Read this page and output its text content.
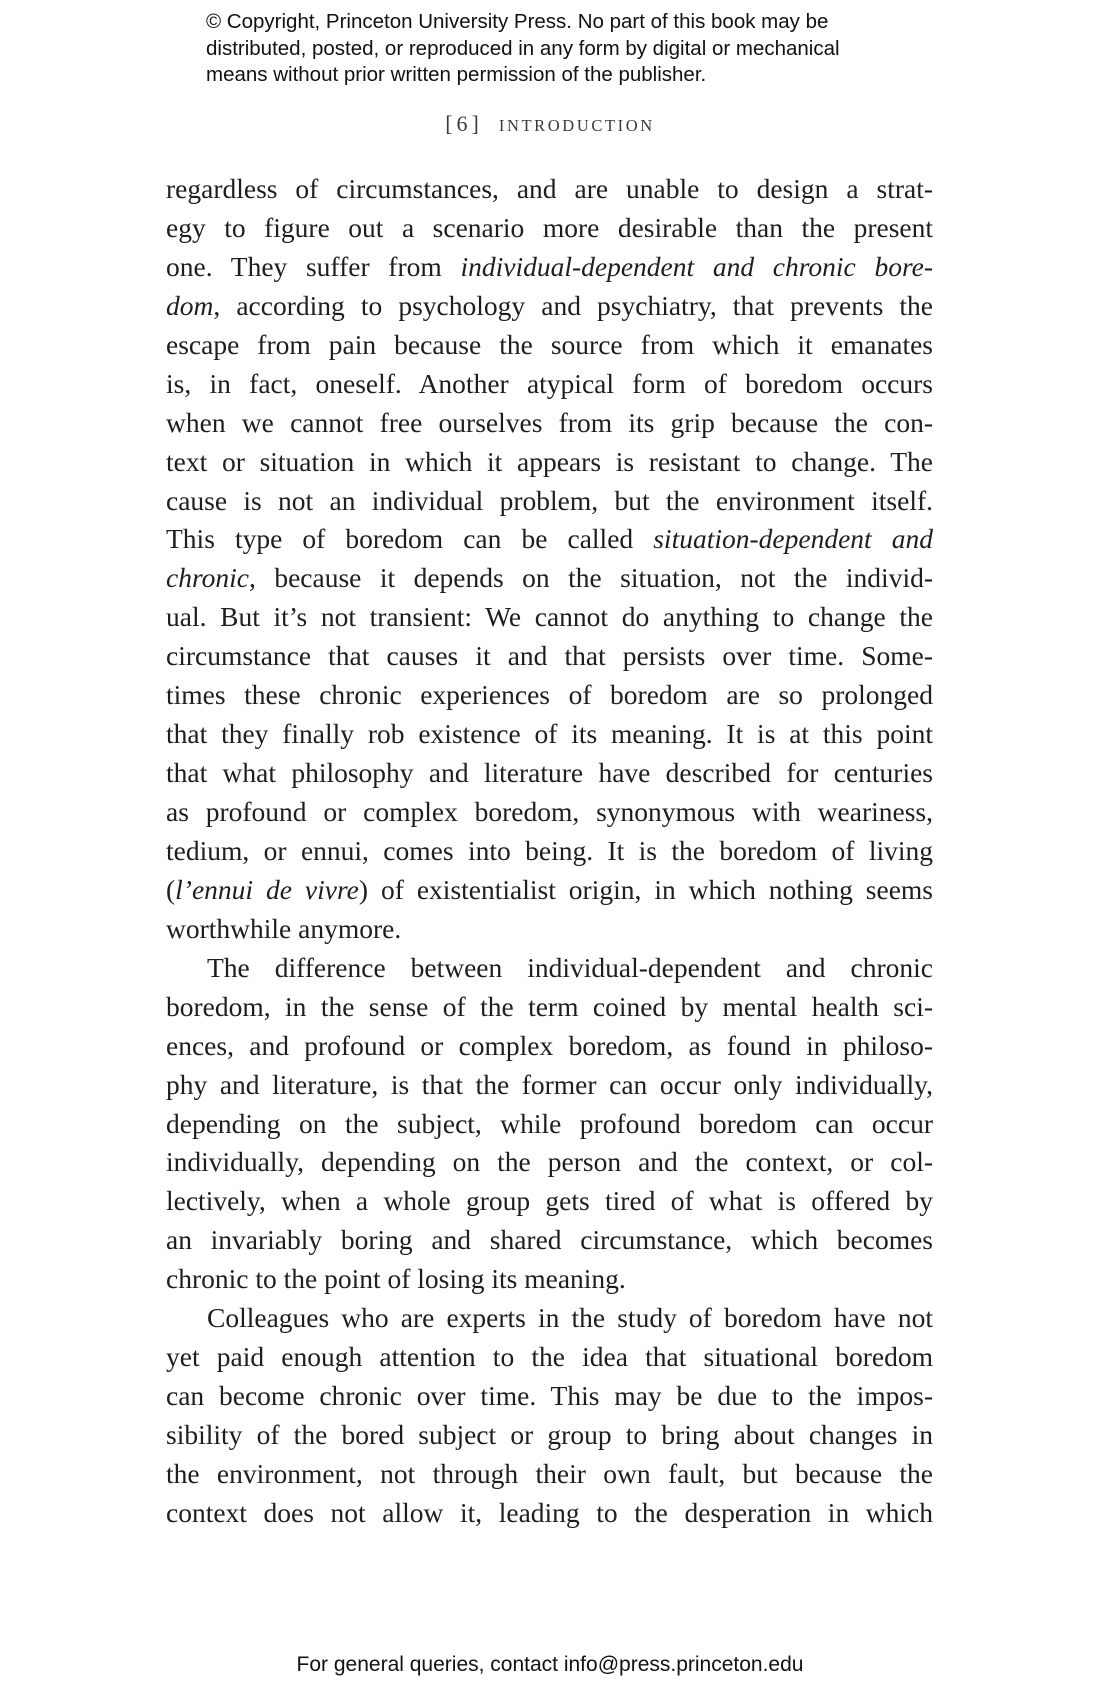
© Copyright, Princeton University Press. No part of this book may be
distributed, posted, or reproduced in any form by digital or mechanical
means without prior written permission of the publisher.
[6] INTRODUCTION
regardless of circumstances, and are unable to design a strat-
egy to figure out a scenario more desirable than the present
one. They suffer from individual-dependent and chronic bore-
dom, according to psychology and psychiatry, that prevents the
escape from pain because the source from which it emanates
is, in fact, oneself. Another atypical form of boredom occurs
when we cannot free ourselves from its grip because the con-
text or situation in which it appears is resistant to change. The
cause is not an individual problem, but the environment itself.
This type of boredom can be called situation-dependent and
chronic, because it depends on the situation, not the individ-
ual. But it’s not transient: We cannot do anything to change the
circumstance that causes it and that persists over time. Some-
times these chronic experiences of boredom are so prolonged
that they finally rob existence of its meaning. It is at this point
that what philosophy and literature have described for centuries
as profound or complex boredom, synonymous with weariness,
tedium, or ennui, comes into being. It is the boredom of living
(l’ennui de vivre) of existentialist origin, in which nothing seems
worthwhile anymore.
The difference between individual-dependent and chronic
boredom, in the sense of the term coined by mental health sci-
ences, and profound or complex boredom, as found in philoso-
phy and literature, is that the former can occur only individually,
depending on the subject, while profound boredom can occur
individually, depending on the person and the context, or col-
lectively, when a whole group gets tired of what is offered by
an invariably boring and shared circumstance, which becomes
chronic to the point of losing its meaning.
Colleagues who are experts in the study of boredom have not
yet paid enough attention to the idea that situational boredom
can become chronic over time. This may be due to the impos-
sibility of the bored subject or group to bring about changes in
the environment, not through their own fault, but because the
context does not allow it, leading to the desperation in which
For general queries, contact info@press.princeton.edu
